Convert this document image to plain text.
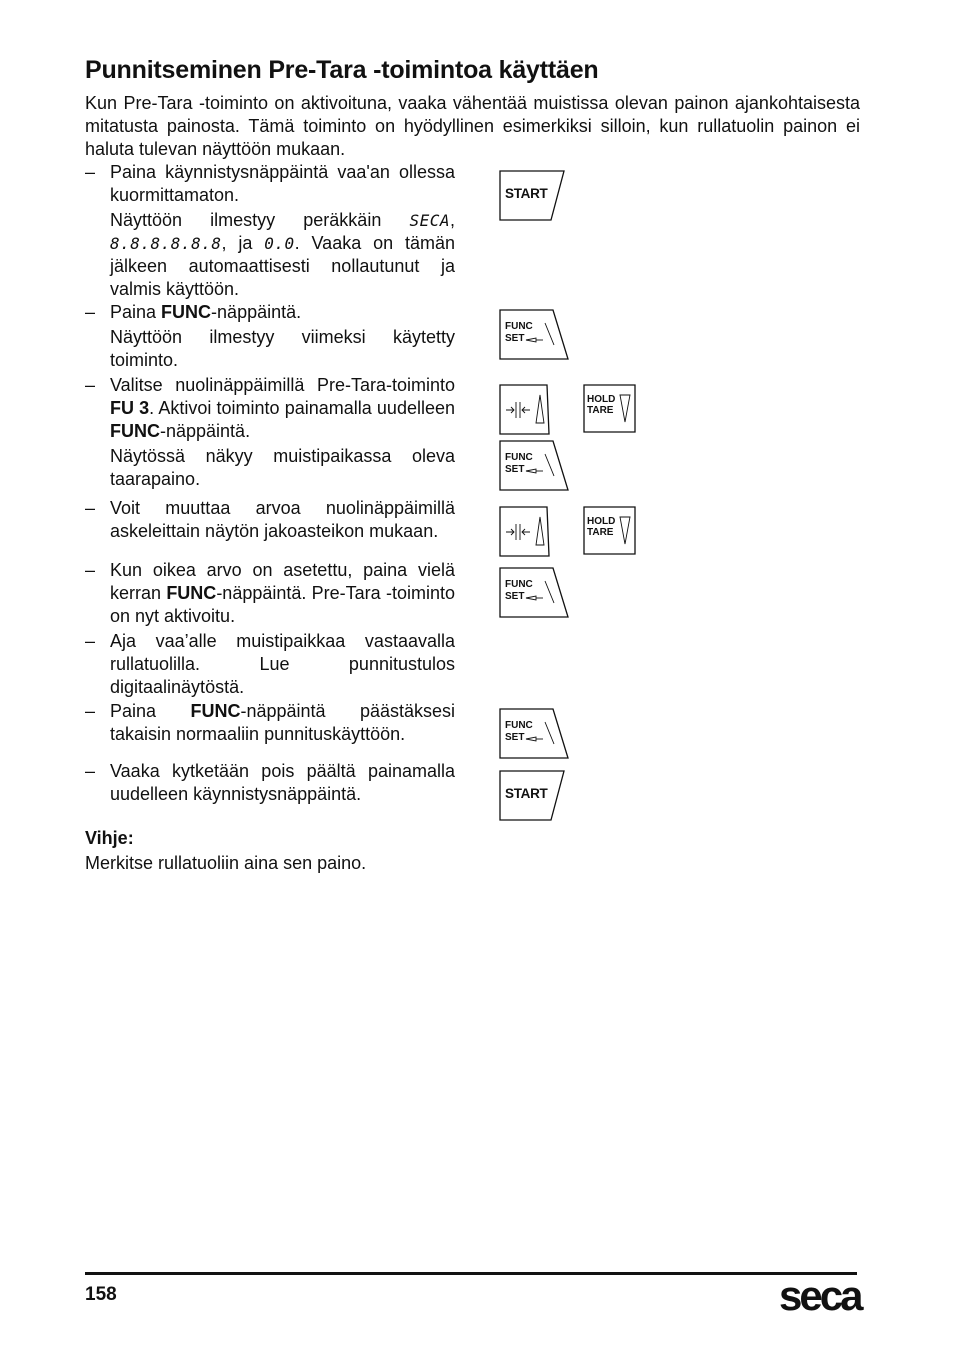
Punnitseminen Pre-Tara -toimintoa käyttäen
Kun Pre-Tara -toiminto on aktivoituna, vaaka vähentää muistissa olevan painon ajankohtaisesta mitatusta painosta. Tämä toiminto on hyödyllinen esimerkiksi silloin, kun rullatuolin painon ei haluta tulevan näyttöön mukaan.
– Paina käynnistysnäppäintä vaa'an ollessa kuormittamaton.

Näyttöön ilmestyy peräkkäin SECA, 8.8.8.8.8.8, ja 0.0. Vaaka on tämän jälkeen automaattisesti nollautunut ja valmis käyttöön.

– Paina FUNC-näppäintä.

Näyttöön ilmestyy viimeksi käytetty toiminto.

– Valitse nuolinäppäimillä Pre-Tara-toiminto FU 3. Aktivoi toiminto painamalla uudelleen FUNC-näppäintä.

Näytössä näkyy muistipaikassa oleva taarapaino.

– Voit muuttaa arvoa nuolinäppäimillä askeleittain näytön jakoasteikon mukaan.

– Kun oikea arvo on asetettu, paina vielä kerran FUNC-näppäintä. Pre-Tara -toiminto on nyt aktivoitu.

– Aja vaa’alle muistipaikkaa vastaavalla rullatuolilla. Lue punnitustulos digitaalinäytöstä.

– Paina FUNC-näppäintä päästäksesi takaisin normaaliin punnituskäyttöön.

– Vaaka kytketään pois päältä painamalla uudelleen käynnistysnäppäintä.

START
FUNC
SET
HOLD
TARE
FUNC
SET
HOLD
TARE
FUNC
SET
FUNC
SET
START
Vihje:
Merkitse rullatuoliin aina sen paino.
158	seca
